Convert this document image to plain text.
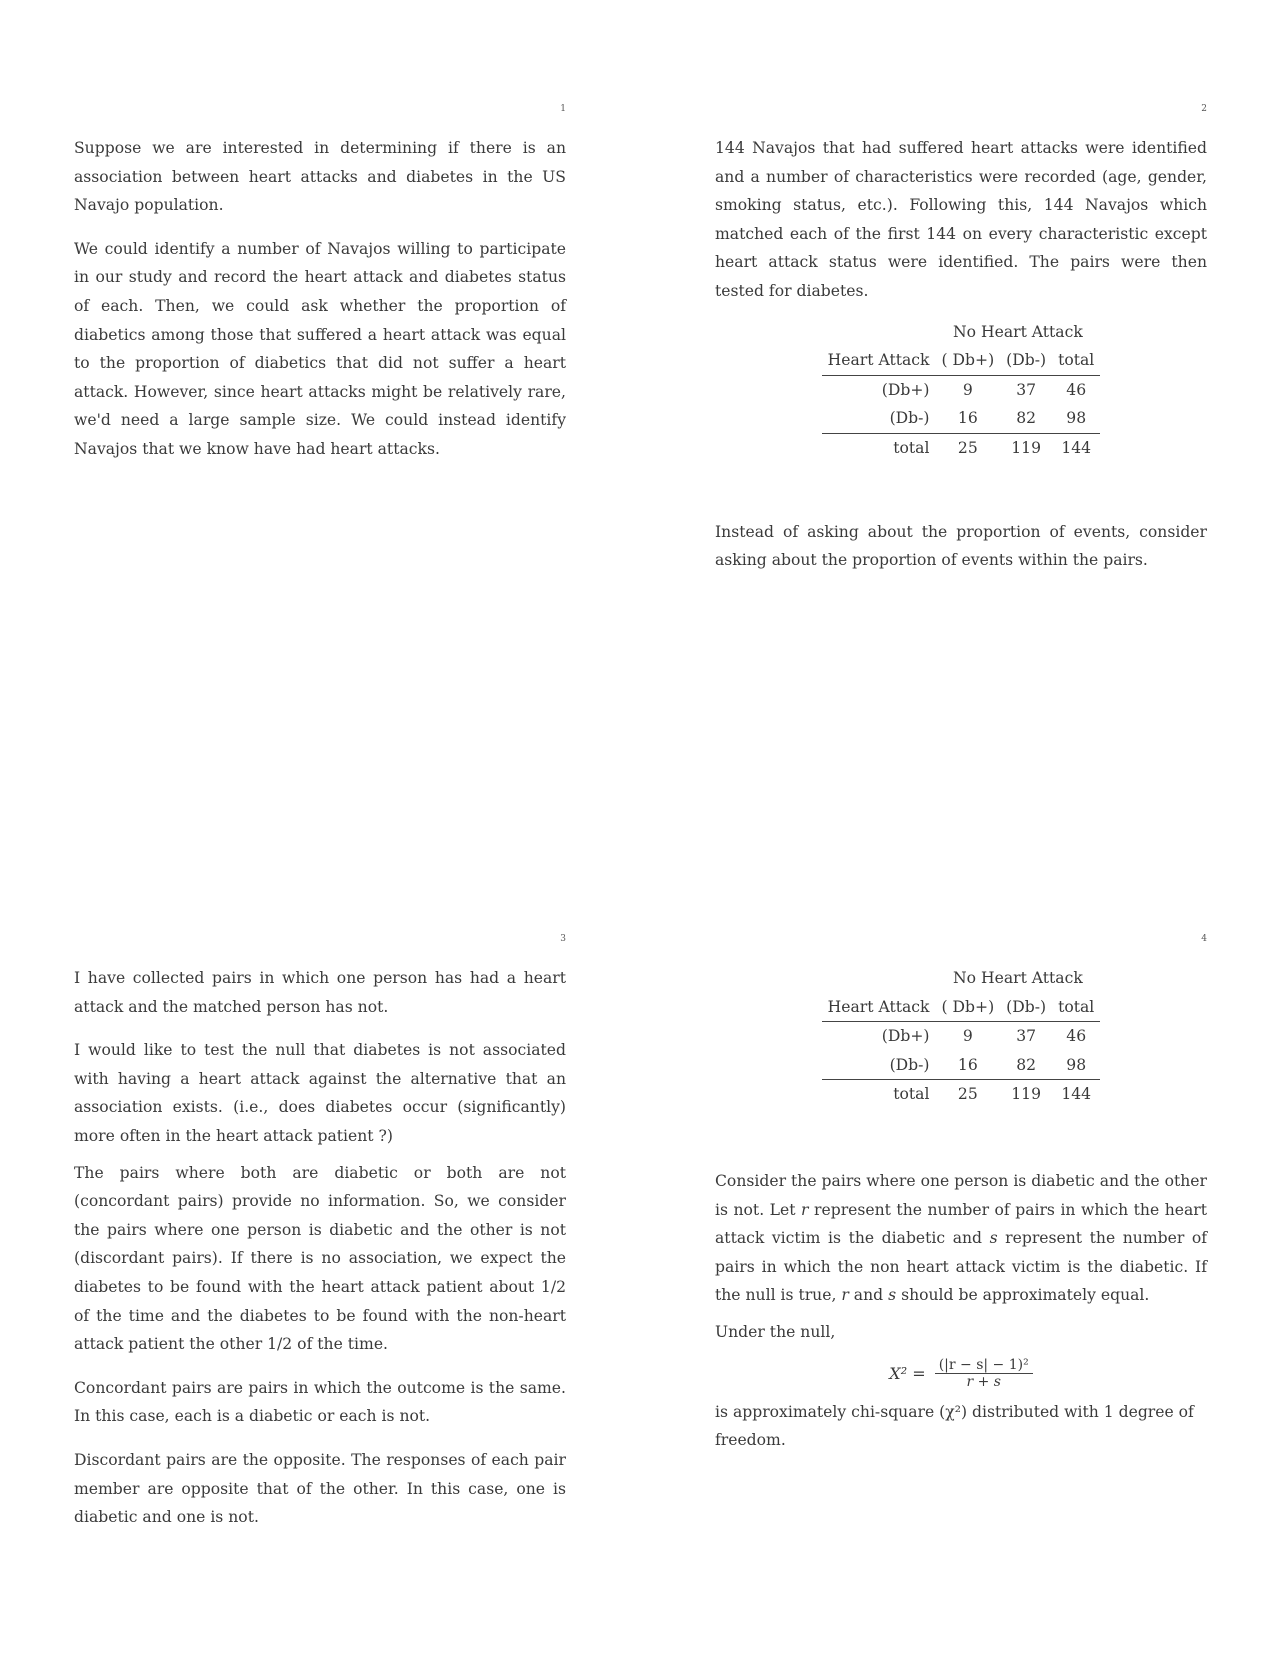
1

Suppose we are interested in determining if there is an association between heart attacks and diabetes in the US Navajo population.

We could identify a number of Navajos willing to participate in our study and record the heart attack and diabetes status of each. Then, we could ask whether the proportion of diabetics among those that suffered a heart attack was equal to the proportion of diabetics that did not suffer a heart attack. However, since heart attacks might be relatively rare, we'd need a large sample size. We could instead identify Navajos that we know have had heart attacks.

2

144 Navajos that had suffered heart attacks were identified and a number of characteristics were recorded (age, gender, smoking status, etc.). Following this, 144 Navajos which matched each of the first 144 on every characteristic except heart attack status were identified. The pairs were then tested for diabetes.

	No Heart Attack		
Heart Attack	( Db+)	(Db-)	total
(Db+)	9	37	46
(Db-)	16	82	98
total	25	119	144

Instead of asking about the proportion of events, consider asking about the proportion of events within the pairs.

3

I have collected pairs in which one person has had a heart attack and the matched person has not.

I would like to test the null that diabetes is not associated with having a heart attack against the alternative that an association exists. (i.e., does diabetes occur (significantly) more often in the heart attack patient ?)

The pairs where both are diabetic or both are not (concordant pairs) provide no information. So, we consider the pairs where one person is diabetic and the other is not (discordant pairs). If there is no association, we expect the diabetes to be found with the heart attack patient about 1/2 of the time and the diabetes to be found with the non-heart attack patient the other 1/2 of the time.

Concordant pairs are pairs in which the outcome is the same. In this case, each is a diabetic or each is not.

Discordant pairs are the opposite. The responses of each pair member are opposite that of the other. In this case, one is diabetic and one is not.

4
	No Heart Attack		
Heart Attack	( Db+)	(Db-)	total
(Db+)	9	37	46
(Db-)	16	82	98
total	25	119	144

Consider the pairs where one person is diabetic and the other is not. Let r represent the number of pairs in which the heart attack victim is the diabetic and s represent the number of pairs in which the non heart attack victim is the diabetic. If the null is true, r and s should be approximately equal.

Under the null,

$X^2 = \frac{\text{(|r − s| − 1)²}}{r + s}$

is approximately chi-square (χ²) distributed with 1 degree of freedom.
